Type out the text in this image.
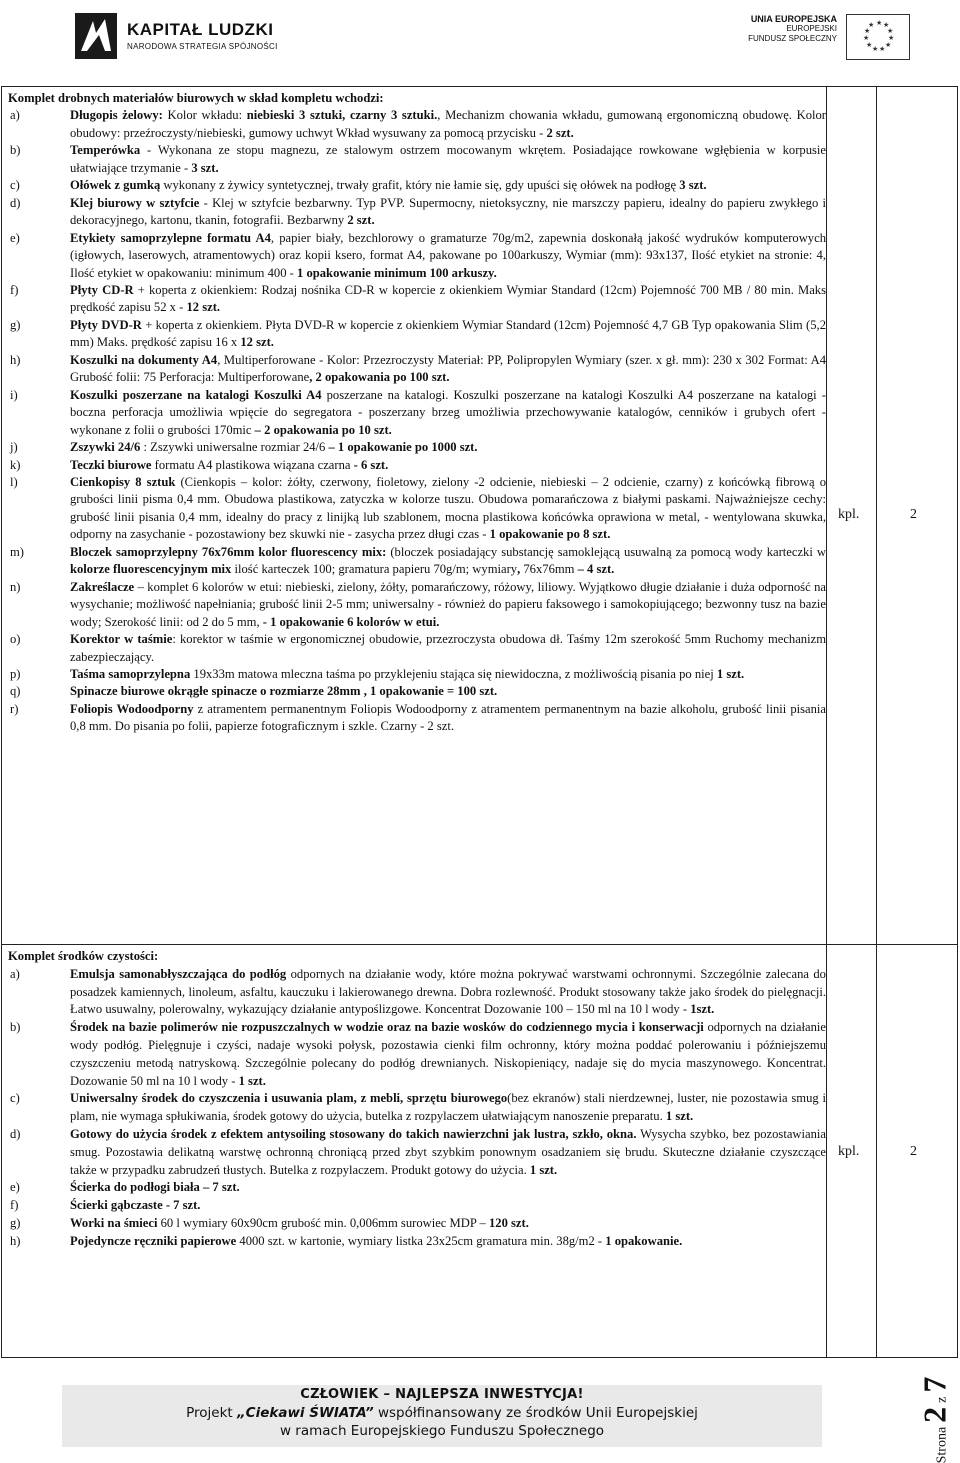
KAPITAŁ LUDZKI
NARODOWA STRATEGIA SPÓJNOŚCI
UNIA EUROPEJSKA
EUROPEJSKI
FUNDUSZ SPOŁECZNY
★ ★
★
★
★
★
★
★
★
★
★
Komplet drobnych materiałów biurowych w skład kompletu wchodzi:
a)	Długopis żelowy: Kolor wkładu: niebieski 3 sztuki, czarny 3 sztuki., Mechanizm chowania wkładu, gumowaną ergonomiczną obudowę. Kolor obudowy: przeźroczysty/niebieski, gumowy uchwyt Wkład wysuwany za pomocą przycisku - 2 szt.
b)	Temperówka - Wykonana ze stopu magnezu, ze stalowym ostrzem mocowanym wkrętem. Posiadające rowkowane wgłębienia w korpusie ułatwiające trzymanie - 3 szt.
c)	Ołówek z gumką wykonany z żywicy syntetycznej, trwały grafit, który nie łamie się, gdy upuści się ołówek na podłogę 3 szt.
d)	Klej biurowy w sztyfcie - Klej w sztyfcie bezbarwny. Typ PVP. Supermocny, nietoksyczny, nie marszczy papieru, idealny do papieru zwykłego i dekoracyjnego, kartonu, tkanin, fotografii. Bezbarwny 2 szt.
e)	Etykiety samoprzylepne formatu A4, papier biały, bezchlorowy o gramaturze 70g/m2, zapewnia doskonałą jakość wydruków komputerowych (igłowych, laserowych, atramentowych) oraz kopii ksero, format A4, pakowane po 100arkuszy, Wymiar (mm): 93x137, Ilość etykiet na stronie: 4, Ilość etykiet w opakowaniu: minimum 400 - 1 opakowanie minimum 100 arkuszy.
f)	Płyty CD-R + koperta z okienkiem: Rodzaj nośnika CD-R w kopercie z okienkiem Wymiar Standard (12cm) Pojemność 700 MB / 80 min. Maks prędkość zapisu 52 x - 12 szt.
g)	Płyty DVD-R + koperta z okienkiem. Płyta DVD-R w kopercie z okienkiem Wymiar Standard (12cm) Pojemność 4,7 GB Typ opakowania Slim (5,2 mm) Maks. prędkość zapisu 16 x 12 szt.
h)	Koszulki na dokumenty A4, Multiperforowane - Kolor: Przezroczysty Materiał: PP, Polipropylen Wymiary (szer. x gł. mm): 230 x 302 Format: A4 Grubość folii: 75 Perforacja: Multiperforowane, 2 opakowania po 100 szt.
i)	Koszulki poszerzane na katalogi Koszulki A4 poszerzane na katalogi. Koszulki poszerzane na katalogi Koszulki A4 poszerzane na katalogi - boczna perforacja umożliwia wpięcie do segregatora - poszerzany brzeg umożliwia przechowywanie katalogów, cenników i grubych ofert - wykonane z folii o grubości 170mic – 2 opakowania po 10 szt.
j)	Zszywki 24/6 : Zszywki uniwersalne rozmiar 24/6 – 1 opakowanie po 1000 szt.
k)	Teczki biurowe formatu A4 plastikowa wiązana czarna - 6 szt.
l)	Cienkopisy 8 sztuk (Cienkopis – kolor: żółty, czerwony, fioletowy, zielony -2 odcienie, niebieski – 2 odcienie, czarny) z końcówką fibrową o grubości linii pisma 0,4 mm. Obudowa plastikowa, zatyczka w kolorze tuszu. Obudowa pomarańczowa z białymi paskami. Najważniejsze cechy: grubość linii pisania 0,4 mm, idealny do pracy z linijką lub szablonem, mocna plastikowa końcówka oprawiona w metal, - wentylowana skuwka, odporny na zasychanie - pozostawiony bez skuwki nie - zasycha przez długi czas - 1 opakowanie po 8 szt.
m)	Bloczek samoprzylepny 76x76mm kolor fluorescency mix: (bloczek posiadający substancję samoklejącą usuwalną za pomocą wody karteczki w kolorze fluorescencyjnym mix ilość karteczek 100; gramatura papieru 70g/m; wymiary, 76x76mm – 4 szt.
n)	Zakreślacze – komplet 6 kolorów w etui: niebieski, zielony, żółty, pomarańczowy, różowy, liliowy. Wyjątkowo długie działanie i duża odporność na wysychanie; możliwość napełniania; grubość linii 2-5 mm; uniwersalny - również do papieru faksowego i samokopiującego; bezwonny tusz na bazie wody; Szerokość linii: od 2 do 5 mm, - 1 opakowanie 6 kolorów w etui.
o)	Korektor w taśmie: korektor w taśmie w ergonomicznej obudowie, przezroczysta obudowa dł. Taśmy 12m szerokość 5mm Ruchomy mechanizm zabezpieczający.
p)	Taśma samoprzylepna 19x33m matowa mleczna taśma po przyklejeniu stająca się niewidoczna, z możliwością pisania po niej 1 szt.
q)	Spinacze biurowe okrągłe spinacze o rozmiarze 28mm , 1 opakowanie = 100 szt.
r)	Foliopis Wodoodporny z atramentem permanentnym Foliopis Wodoodporny z atramentem permanentnym na bazie alkoholu, grubość linii pisania 0,8 mm. Do pisania po folii, papierze fotograficznym i szkle. Czarny - 2 szt.
kpl.	2
Komplet środków czystości:
a)	Emulsja samonabłyszczająca do podłóg odpornych na działanie wody, które można pokrywać warstwami ochronnymi. Szczególnie zalecana do posadzek kamiennych, linoleum, asfaltu, kauczuku i lakierowanego drewna. Dobra rozlewność. Produkt stosowany także jako środek do pielęgnacji. Łatwo usuwalny, polerowalny, wykazujący działanie antypoślizgowe. Koncentrat Dozowanie 100 – 150 ml na 10 l wody - 1szt.
b)	Środek na bazie polimerów nie rozpuszczalnych w wodzie oraz na bazie wosków do codziennego mycia i konserwacji odpornych na działanie wody podłóg. Pielęgnuje i czyści, nadaje wysoki połysk, pozostawia cienki film ochronny, który można poddać polerowaniu i późniejszemu czyszczeniu metodą natryskową. Szczególnie polecany do podłóg drewnianych. Niskopieniący, nadaje się do mycia maszynowego. Koncentrat. Dozowanie 50 ml na 10 l wody - 1 szt.
c)	Uniwersalny środek do czyszczenia i usuwania plam, z mebli, sprzętu biurowego(bez ekranów) stali nierdzewnej, luster, nie pozostawia smug i plam, nie wymaga spłukiwania, środek gotowy do użycia, butelka z rozpylaczem ułatwiającym nanoszenie preparatu. 1 szt.
d)	Gotowy do użycia środek z efektem antysoiling stosowany do takich nawierzchni jak lustra, szkło, okna. Wysycha szybko, bez pozostawiania smug. Pozostawia delikatną warstwę ochronną chroniącą przed zbyt szybkim ponownym osadzaniem się brudu. Skuteczne działanie czyszczące także w przypadku zabrudzeń tłustych. Butelka z rozpylaczem. Produkt gotowy do użycia. 1 szt.
e)	Ścierka do podłogi biała – 7 szt.
f)	Ścierki gąbczaste - 7 szt.
g)	Worki na śmieci 60 l wymiary 60x90cm grubość min. 0,006mm surowiec MDP – 120 szt.
h)	Pojedyncze ręczniki papierowe 4000 szt. w kartonie, wymiary listka 23x25cm gramatura min. 38g/m2 - 1 opakowanie.
kpl.	2
CZŁOWIEK – NAJLEPSZA INWESTYCJA!
Projekt „Ciekawi ŚWIATA” współfinansowany ze środków Unii Europejskiej
w ramach Europejskiego Funduszu Społecznego	Strona 2 z 7
